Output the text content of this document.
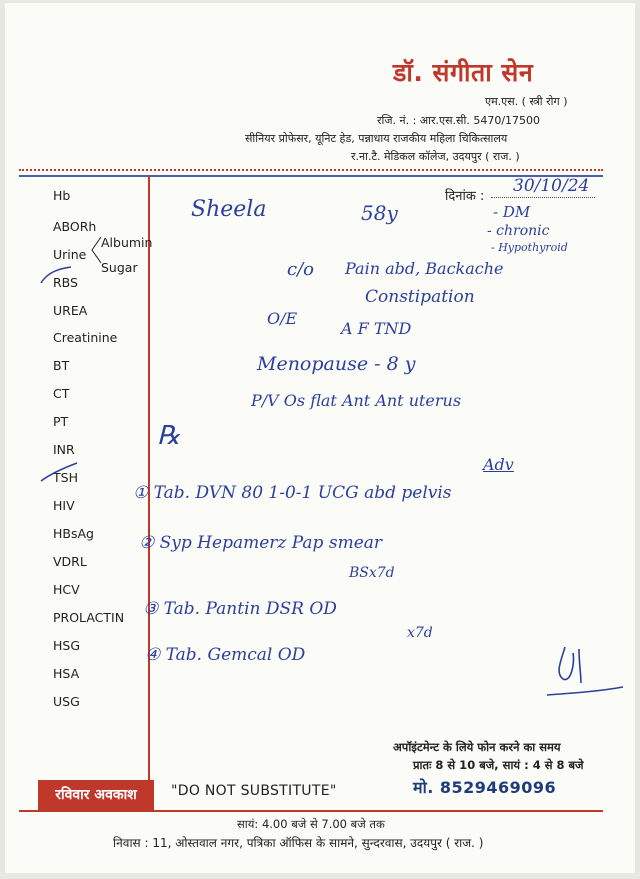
डॉ. संगीता सेन
एम.एस. ( स्त्री रोग )
रजि. नं. : आर.एस.सी. 5470/17500
सीनियर प्रोफेसर, यूनिट हेड, पन्नाधाय राजकीय महिला चिकित्सालय
र.ना.टै. मेडिकल कॉलेज, उदयपुर ( राज. )
दिनांक :
30/10/24
Hb
ABORh
Urine
RBS
UREA
Creatinine
BT
CT
PT
INR
TSH
HIV
HBsAg
VDRL
HCV
PROLACTIN
HSG
HSA
USG
Albumin
Sugar
Sheela	58y	- DM
- chronic
- Hypothyroid
c/o Pain abd, Backache
Constipation
O/E
A F TND
Menopause - 8 y
P/V Os flat Ant Ant uterus
℞
Adv
① Tab. DVN 80 1-0-1 UCG abd pelvis
② Syp Hepamerz Pap smear
BSx7d
③ Tab. Pantin DSR OD
x7d
④ Tab. Gemcal OD
अपॉइंटमेन्ट के लिये फोन करने का समय
प्रातः 8 से 10 बजे, सायं : 4 से 8 बजे
मो. 8529469096
रविवार अवकाश	"DO NOT SUBSTITUTE"
सायं: 4.00 बजे से 7.00 बजे तक
निवास : 11, ओस्तवाल नगर, पत्रिका ऑफिस के सामने, सुन्दरवास, उदयपुर ( राज. )
